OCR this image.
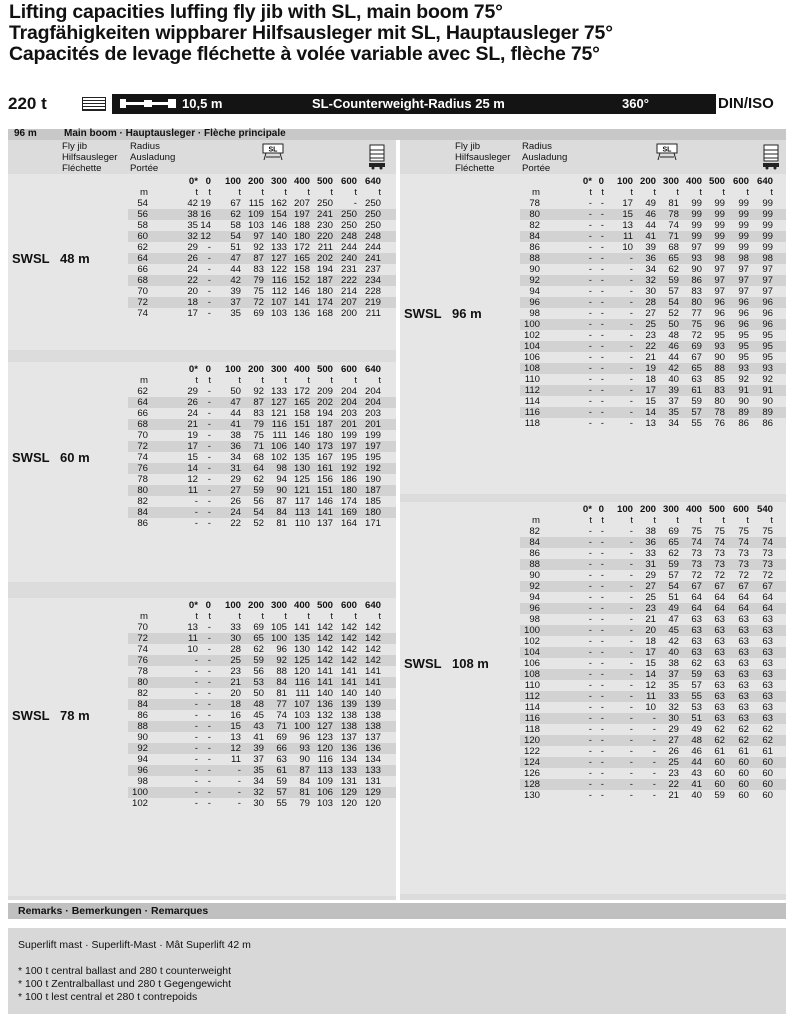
Lifting capacities luffing fly jib with SL, main boom 75°
Tragfähigkeiten wippbarer Hilfsausleger mit SL, Hauptausleger 75°
Capacités de levage fléchette à volée variable avec SL, flèche 75°
220 t	10,5 m	SL-Counterweight-Radius 25 m	360°	DIN/ISO
96 m	Main boom · Hauptausleger · Flèche principale
Fly jib
Hilfsausleger
Fléchette
Radius
Ausladung
Portée
SL	Fly jib
Hilfsausleger
Fléchette
Radius
Ausladung
Portée
SL
0* 0	100 200 300 400 500 600 640
m	t	t	t	t	t	t	t	t	t
54	42 19	67 115 162 207 250	- 250
56	38 16	62 109 154 197 241 250 250
58	35 14	58 103 146 188 230 250 250
60	32 12	54	97 140 180 220 248 248
62	29	-	51	92 133 172 211 244 244
64	26	-	47	87 127 165 202 240 241
66	24	-	44	83 122 158 194 231 237
68	22	-	42	79 116 152 187 222 234
70	20	-	39	75 112 146 180 214 228
72	18	-	37	72 107 141 174 207 219
74	17	-	35	69 103 136 168 200 211
SWSL 48 m
0* 0	100 200 300 400 500 600 640
m	t	t	t	t	t	t	t	t	t
62	29	-	50	92 133 172 209 204 204
64	26	-	47	87 127 165 202 204 204
66	24	-	44	83 121 158 194 203 203
68	21	-	41	79 116 151 187 201 201
70	19	-	38	75 111 146 180 199 199
72	17	-	36	71 106 140 173 197 197
74	15	-	34	68 102 135 167 195 195
76	14	-	31	64	98 130 161 192 192
78	12	-	29	62	94 125 156 186 190
80	11	-	27	59	90 121 151 180 187
82	-	-	26	56	87 117 146 174 185
84	-	-	24	54	84 113 141 169 180
86	-	-	22	52	81 110 137 164 171
SWSL 60 m
0* 0	100 200 300 400 500 600 640
m	t	t	t	t	t	t	t	t	t
70	13	-	33	69 105 141 142 142 142
72	11	-	30	65 100 135 142 142 142
74	10	-	28	62	96 130 142 142 142
76	-	-	25	59	92 125 142 142 142
78	-	-	23	56	88 120 141 141 141
80	-	-	21	53	84 116 141 141 141
82	-	-	20	50	81 111 140 140 140
84	-	-	18	48	77 107 136 139 139
86	-	-	16	45	74 103 132 138 138
88	-	-	15	43	71 100 127 138 138
90	-	-	13	41	69	96 123 137 137
92	-	-	12	39	66	93 120 136 136
94	-	-	11	37	63	90 116 134 134
96	-	-	-	35	61	87 113 133 133
98	-	-	-	34	59	84 109 131 131
100	-	-	-	32	57	81 106 129 129
102	-	-	-	30	55	79 103 120 120
SWSL 78 m
0* 0	100 200 300 400 500 600 640
m	t t	t	t	t	t	t	t	t
78	- -	17	49	81	99	99	99	99
80	- -	15	46	78	99	99	99	99
82	- -	13	44	74	99	99	99	99
84	- -	11	41	71	99	99	99	99
86	- -	10	39	68	97	99	99	99
88	- -	-	36	65	93	98	98	98
90	- -	-	34	62	90	97	97	97
92	- -	-	32	59	86	97	97	97
94	- -	-	30	57	83	97	97	97
96	- -	-	28	54	80	96	96	96
98	- -	-	27	52	77	96	96	96
100	- -	-	25	50	75	96	96	96
102	- -	-	23	48	72	95	95	95
104	- -	-	22	46	69	93	95	95
106	- -	-	21	44	67	90	95	95
108	- -	-	19	42	65	88	93	93
110	- -	-	18	40	63	85	92	92
112	- -	-	17	39	61	83	91	91
114	- -	-	15	37	59	80	90	90
116	- -	-	14	35	57	78	89	89
118	- -	-	13	34	55	76	86	86
SWSL 96 m
0* 0	100 200 300 400 500 600 540
m	t t	t	t	t	t	t	t	t
82	- -	-	38	69	75	75	75	75
84	- -	-	36	65	74	74	74	74
86	- -	-	33	62	73	73	73	73
88	- -	-	31	59	73	73	73	73
90	- -	-	29	57	72	72	72	72
92	- -	-	27	54	67	67	67	67
94	- -	-	25	51	64	64	64	64
96	- -	-	23	49	64	64	64	64
98	- -	-	21	47	63	63	63	63
100	- -	-	20	45	63	63	63	63
102	- -	-	18	42	63	63	63	63
104	- -	-	17	40	63	63	63	63
106	- -	-	15	38	62	63	63	63
108	- -	-	14	37	59	63	63	63
110	- -	-	12	35	57	63	63	63
112	- -	-	11	33	55	63	63	63
114	- -	-	10	32	53	63	63	63
116	- -	-	-	30	51	63	63	63
118	- -	-	-	29	49	62	62	62
120	- -	-	-	27	48	62	62	62
122	- -	-	-	26	46	61	61	61
124	- -	-	-	25	44	60	60	60
126	- -	-	-	23	43	60	60	60
128	- -	-	-	22	41	60	60	60
130	- -	-	-	21	40	59	60	60
SWSL 108 m
Remarks · Bemerkungen · Remarques
Superlift mast · Superlift-Mast · Mât Superlift 42 m
* 100 t central ballast and 280 t counterweight
* 100 t Zentralballast und 280 t Gegengewicht
* 100 t lest central et 280 t contrepoids
